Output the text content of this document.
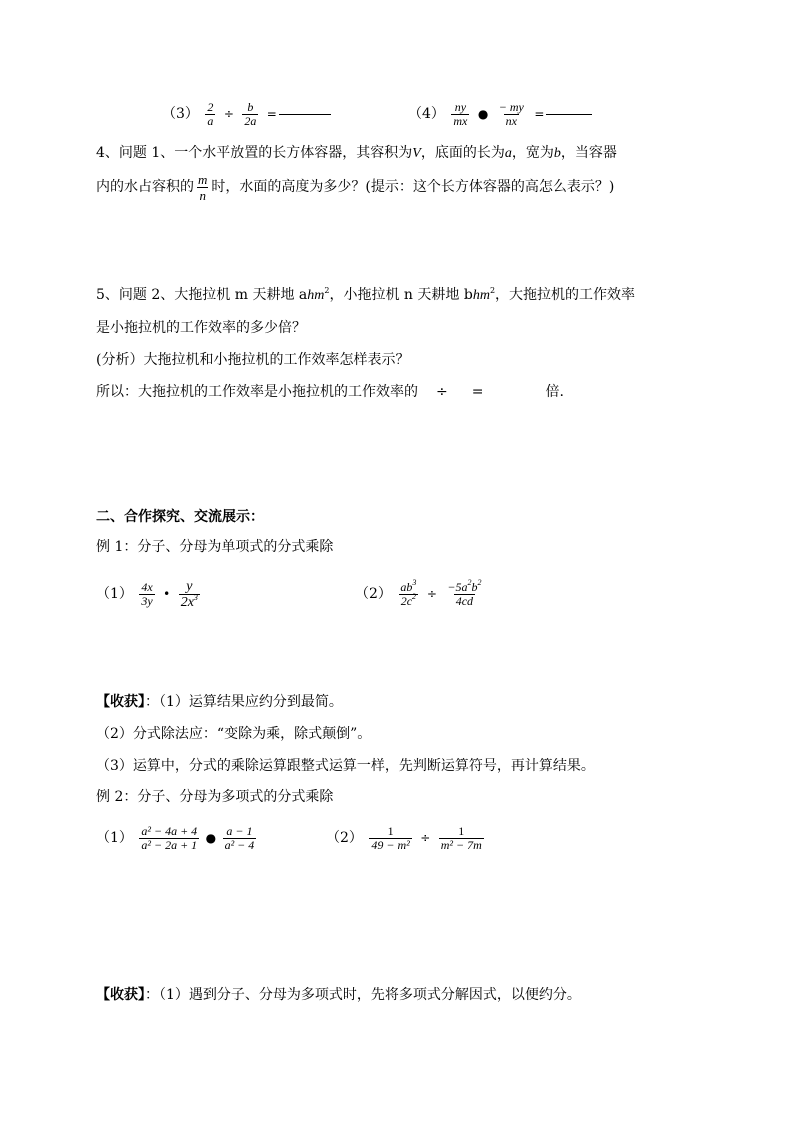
$(3) \frac{2}{a} \div \frac{b}{2a}$ =	$(4) \frac{ny}{mx}$ ● $\frac{- my}{nx}$ =
4、问题 1、一个水平放置的长方体容器，其容积为V，底面的长为a，宽为b，当容器
内的水占容积的 $\frac{m}{n}$ 时，水面的高度为多少？(提示：这个长方体容器的高怎么表示？)
5、问题 2、大拖拉机 m 天耕地 ahm$^2$，小拖拉机 n 天耕地 bhm$^2$，大拖拉机的工作效率
是小拖拉机的工作效率的多少倍？
(分析）大拖拉机和小拖拉机的工作效率怎样表示？
所以：大拖拉机的工作效率是小拖拉机的工作效率的 ÷ =	倍.
二、合作探究、交流展示：
例 1：分子、分母为单项式的分式乘除
$(1) \frac{4x}{3y}$ • $\frac{y}{2x^3}$	$(2) \frac{ab^3}{2c^2} \div \frac{-5a^2b^2}{4cd}$
【收获】：（1）运算结果应约分到最简。
（2）分式除法应：“变除为乘，除式颠倒”。
（3）运算中，分式的乘除运算跟整式运算一样，先判断运算符号，再计算结果。
例 2：分子、分母为多项式的分式乘除
$(1) \frac{\text{a² − 4a + 4}}{\text{a² − 2a + 1}}$ ● $\frac{a - 1}{\text{a² − 4}}$	$(2) \frac{1}{\text{49 − m²}} \div \frac{1}{\text{m² − 7m}}$
【收获】：（1）遇到分子、分母为多项式时，先将多项式分解因式，以便约分。
